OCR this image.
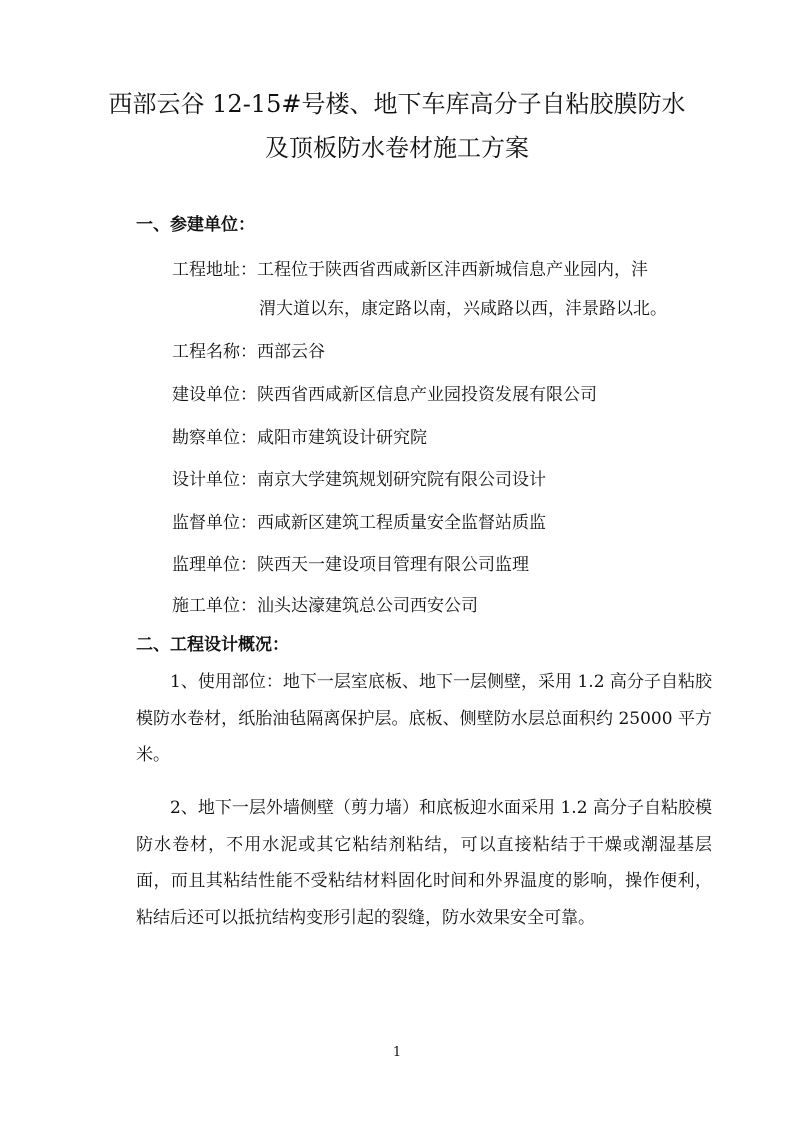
西部云谷 12-15#号楼、地下车库高分子自粘胶膜防水
及顶板防水卷材施工方案
一、参建单位：
工程地址：工程位于陕西省西咸新区沣西新城信息产业园内，沣
渭大道以东，康定路以南，兴咸路以西，沣景路以北。
工程名称：西部云谷
建设单位：陕西省西咸新区信息产业园投资发展有限公司
勘察单位：咸阳市建筑设计研究院
设计单位：南京大学建筑规划研究院有限公司设计
监督单位：西咸新区建筑工程质量安全监督站质监
监理单位：陕西天一建设项目管理有限公司监理
施工单位：汕头达濠建筑总公司西安公司
二、工程设计概况：
1、使用部位：地下一层室底板、地下一层侧壁，采用 1.2 高分子自粘胶模防水卷材，纸胎油毡隔离保护层。底板、侧壁防水层总面积约 25000 平方米。
2、地下一层外墙侧壁（剪力墙）和底板迎水面采用 1.2 高分子自粘胶模防水卷材，不用水泥或其它粘结剂粘结，可以直接粘结于干燥或潮湿基层面，而且其粘结性能不受粘结材料固化时间和外界温度的影响，操作便利，粘结后还可以抵抗结构变形引起的裂缝，防水效果安全可靠。
1
